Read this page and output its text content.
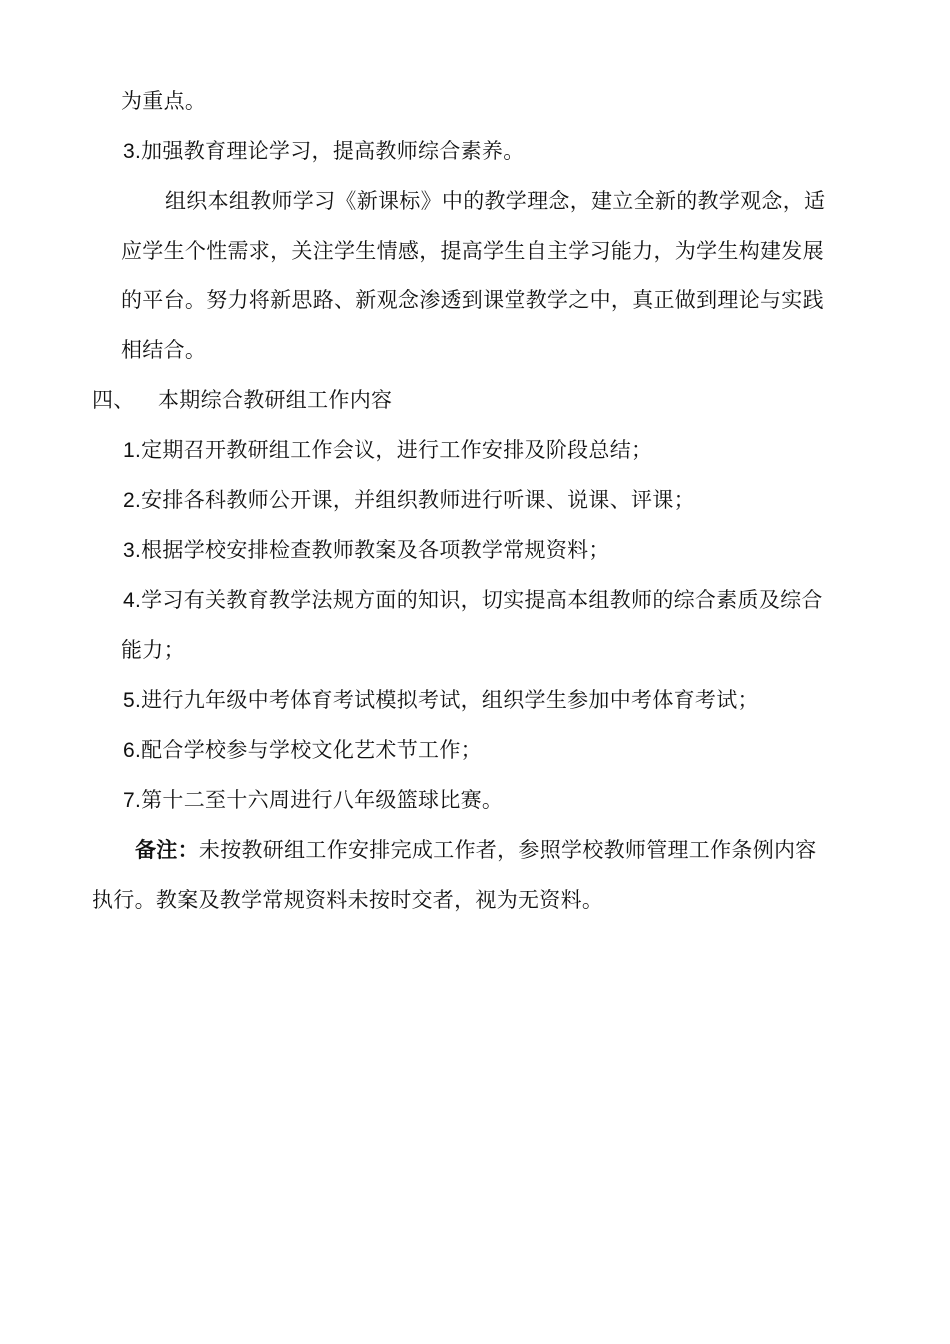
为重点。
3.加强教育理论学习，提高教师综合素养。
组织本组教师学习《新课标》中的教学理念，建立全新的教学观念，适
应学生个性需求，关注学生情感，提高学生自主学习能力，为学生构建发展
的平台。努力将新思路、新观念渗透到课堂教学之中，真正做到理论与实践
相结合。
四、 本期综合教研组工作内容
1.定期召开教研组工作会议，进行工作安排及阶段总结；
2.安排各科教师公开课，并组织教师进行听课、说课、评课；
3.根据学校安排检查教师教案及各项教学常规资料；
4.学习有关教育教学法规方面的知识，切实提高本组教师的综合素质及综合
能力；
5.进行九年级中考体育考试模拟考试，组织学生参加中考体育考试；
6.配合学校参与学校文化艺术节工作；
7.第十二至十六周进行八年级篮球比赛。
备注：未按教研组工作安排完成工作者，参照学校教师管理工作条例内容
执行。教案及教学常规资料未按时交者，视为无资料。
